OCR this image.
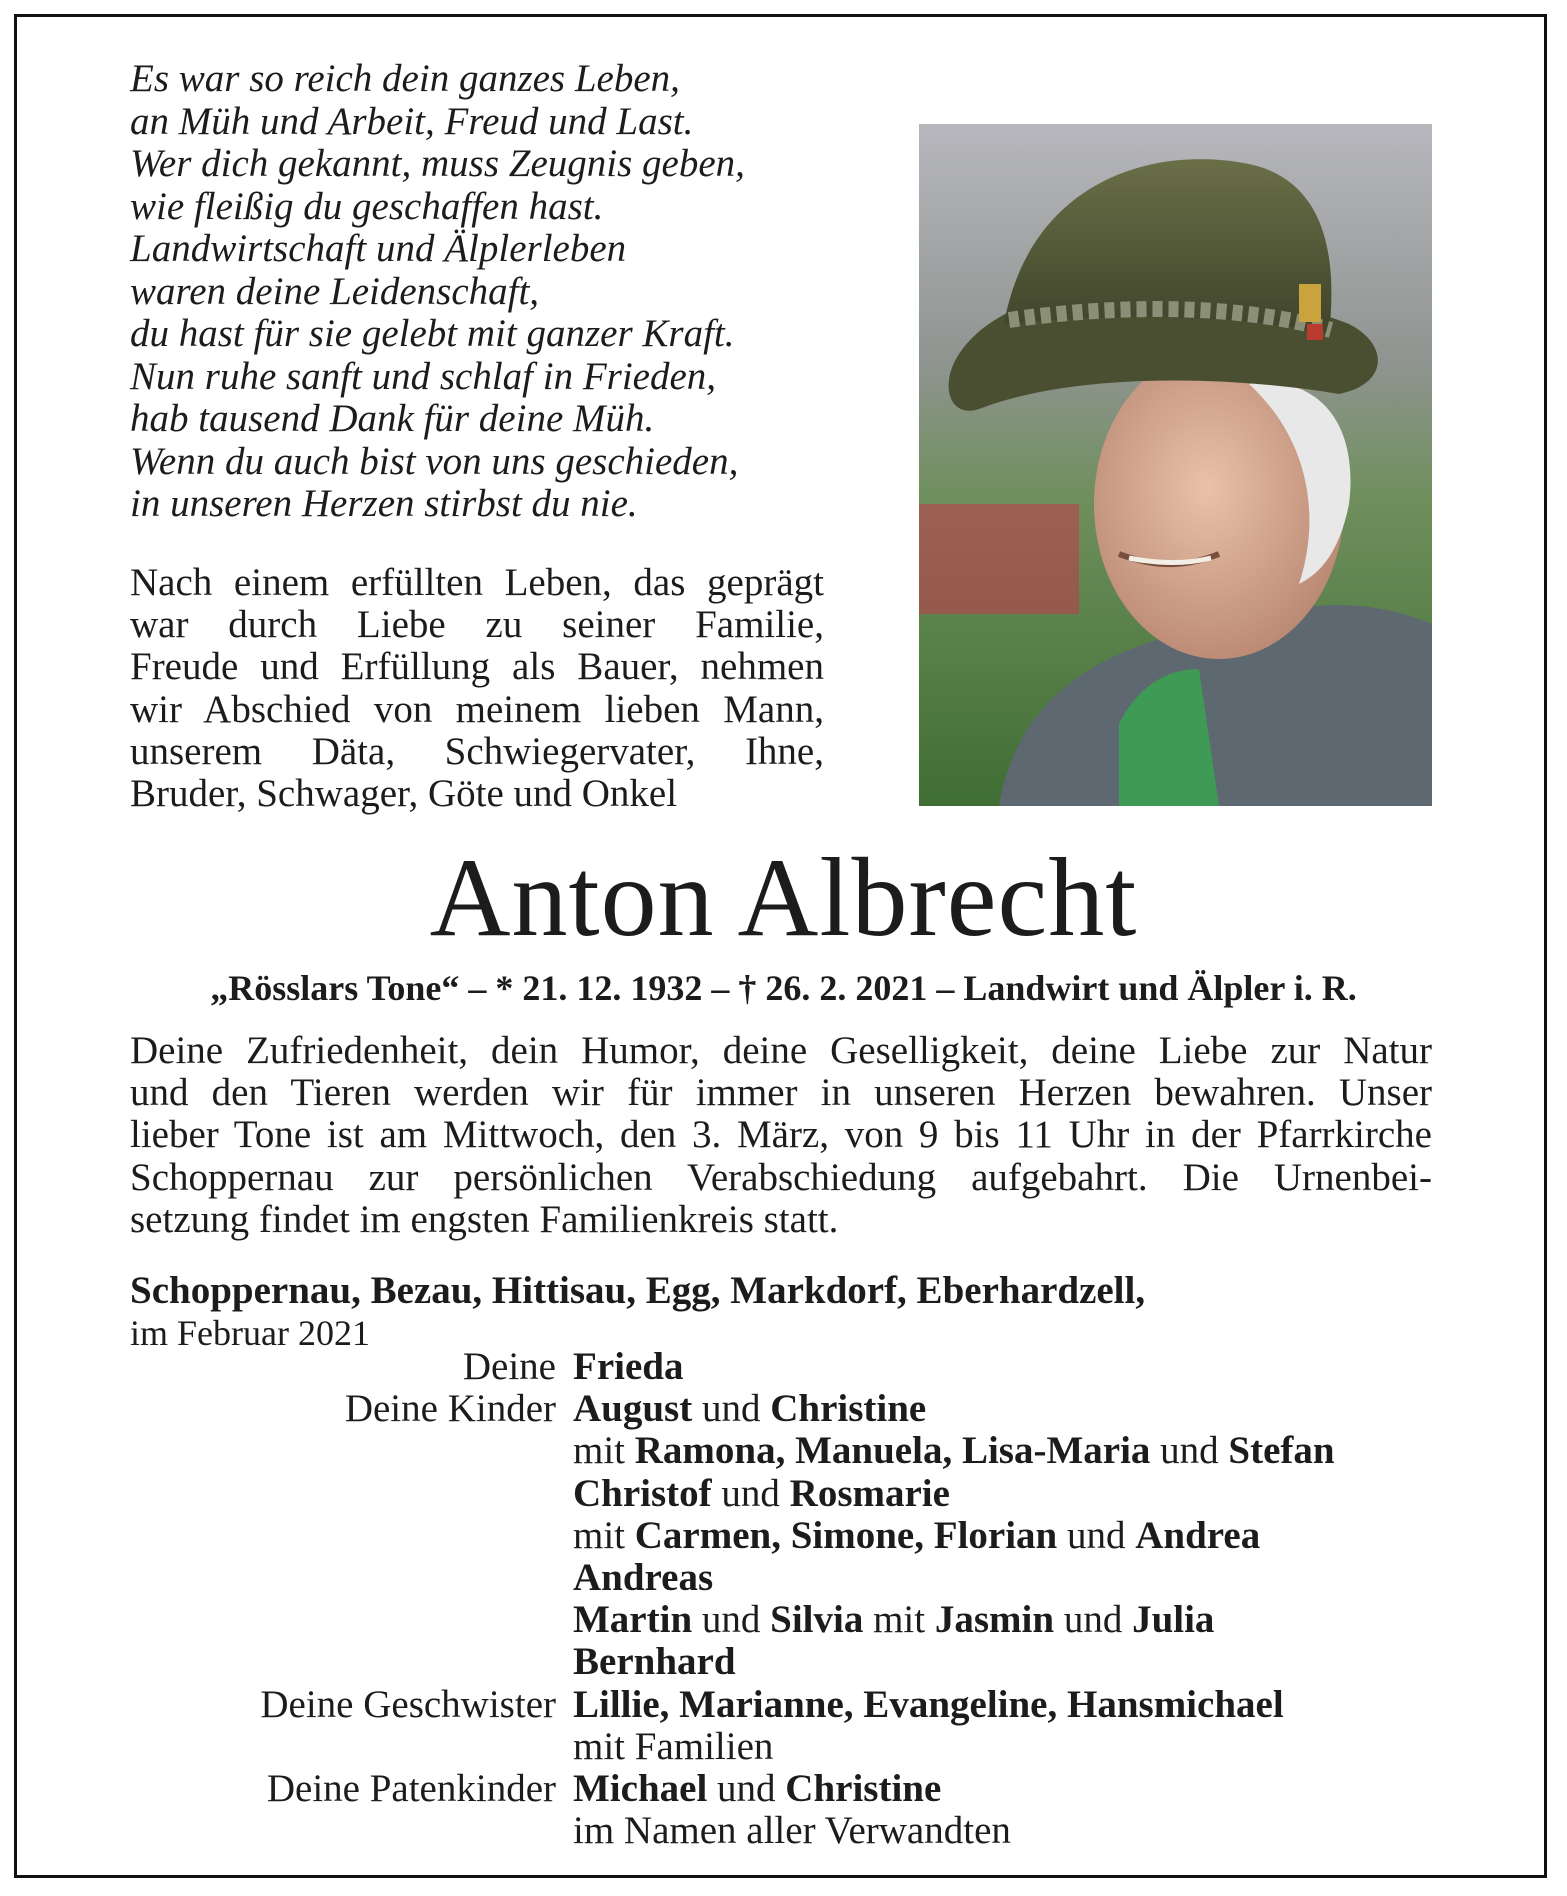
Es war so reich dein ganzes Leben,
an Müh und Arbeit, Freud und Last.
Wer dich gekannt, muss Zeugnis geben,
wie fleißig du geschaffen hast.
Landwirtschaft und Älplerleben
waren deine Leidenschaft,
du hast für sie gelebt mit ganzer Kraft.
Nun ruhe sanft und schlaf in Frieden,
hab tausend Dank für deine Müh.
Wenn du auch bist von uns geschieden,
in unseren Herzen stirbst du nie.
Nach einem erfüllten Leben, das geprägt
war durch Liebe zu seiner Familie,
Freude und Erfüllung als Bauer, nehmen
wir Abschied von meinem lieben Mann,
unserem Däta, Schwiegervater, Ihne,
Bruder, Schwager, Göte und Onkel
Anton Albrecht
„Rösslars Tone“ – * 21. 12. 1932 – † 26. 2. 2021 – Landwirt und Älpler i. R.
Deine Zufriedenheit, dein Humor, deine Geselligkeit, deine Liebe zur Natur
und den Tieren werden wir für immer in unseren Herzen bewahren. Unser
lieber Tone ist am Mittwoch, den 3. März, von 9 bis 11 Uhr in der Pfarrkirche
Schoppernau zur persönlichen Verabschiedung aufgebahrt. Die Urnenbei-
setzung findet im engsten Familienkreis statt.
Schoppernau, Bezau, Hittisau, Egg, Markdorf, Eberhardzell,
im Februar 2021
Deine Frieda
Deine Kinder August und Christine
mit Ramona, Manuela, Lisa-Maria und Stefan
Christof und Rosmarie
mit Carmen, Simone, Florian und Andrea
Andreas
Martin und Silvia mit Jasmin und Julia
Bernhard
Deine Geschwister Lillie, Marianne, Evangeline, Hansmichael
mit Familien
Deine Patenkinder Michael und Christine
im Namen aller Verwandten
